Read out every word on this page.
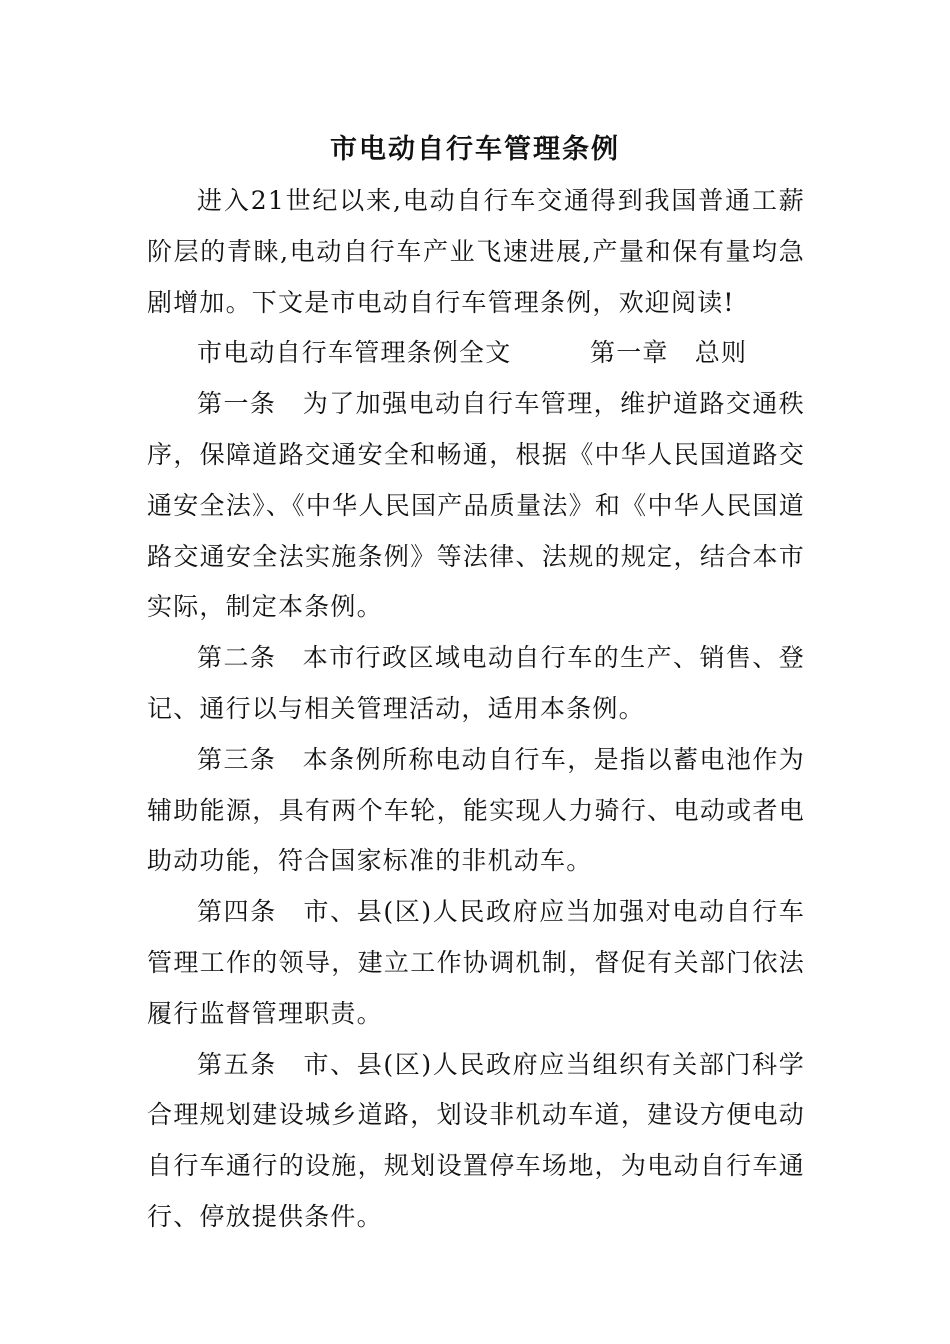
市电动自行车管理条例

进入21世纪以来,电动自行车交通得到我国普通工薪阶层的青睐,电动自行车产业飞速进展,产量和保有量均急剧增加。下文是市电动自行车管理条例，欢迎阅读!

市电动自行车管理条例全文　　　第一章　总则

第一条　为了加强电动自行车管理，维护道路交通秩序，保障道路交通安全和畅通，根据《中华人民国道路交通安全法》、《中华人民国产品质量法》和《中华人民国道路交通安全法实施条例》等法律、法规的规定，结合本市实际，制定本条例。

第二条　本市行政区域电动自行车的生产、销售、登记、通行以与相关管理活动，适用本条例。

第三条　本条例所称电动自行车，是指以蓄电池作为辅助能源，具有两个车轮，能实现人力骑行、电动或者电助动功能，符合国家标准的非机动车。

第四条　市、县(区)人民政府应当加强对电动自行车管理工作的领导，建立工作协调机制，督促有关部门依法履行监督管理职责。

第五条　市、县(区)人民政府应当组织有关部门科学合理规划建设城乡道路，划设非机动车道，建设方便电动自行车通行的设施，规划设置停车场地，为电动自行车通行、停放提供条件。
